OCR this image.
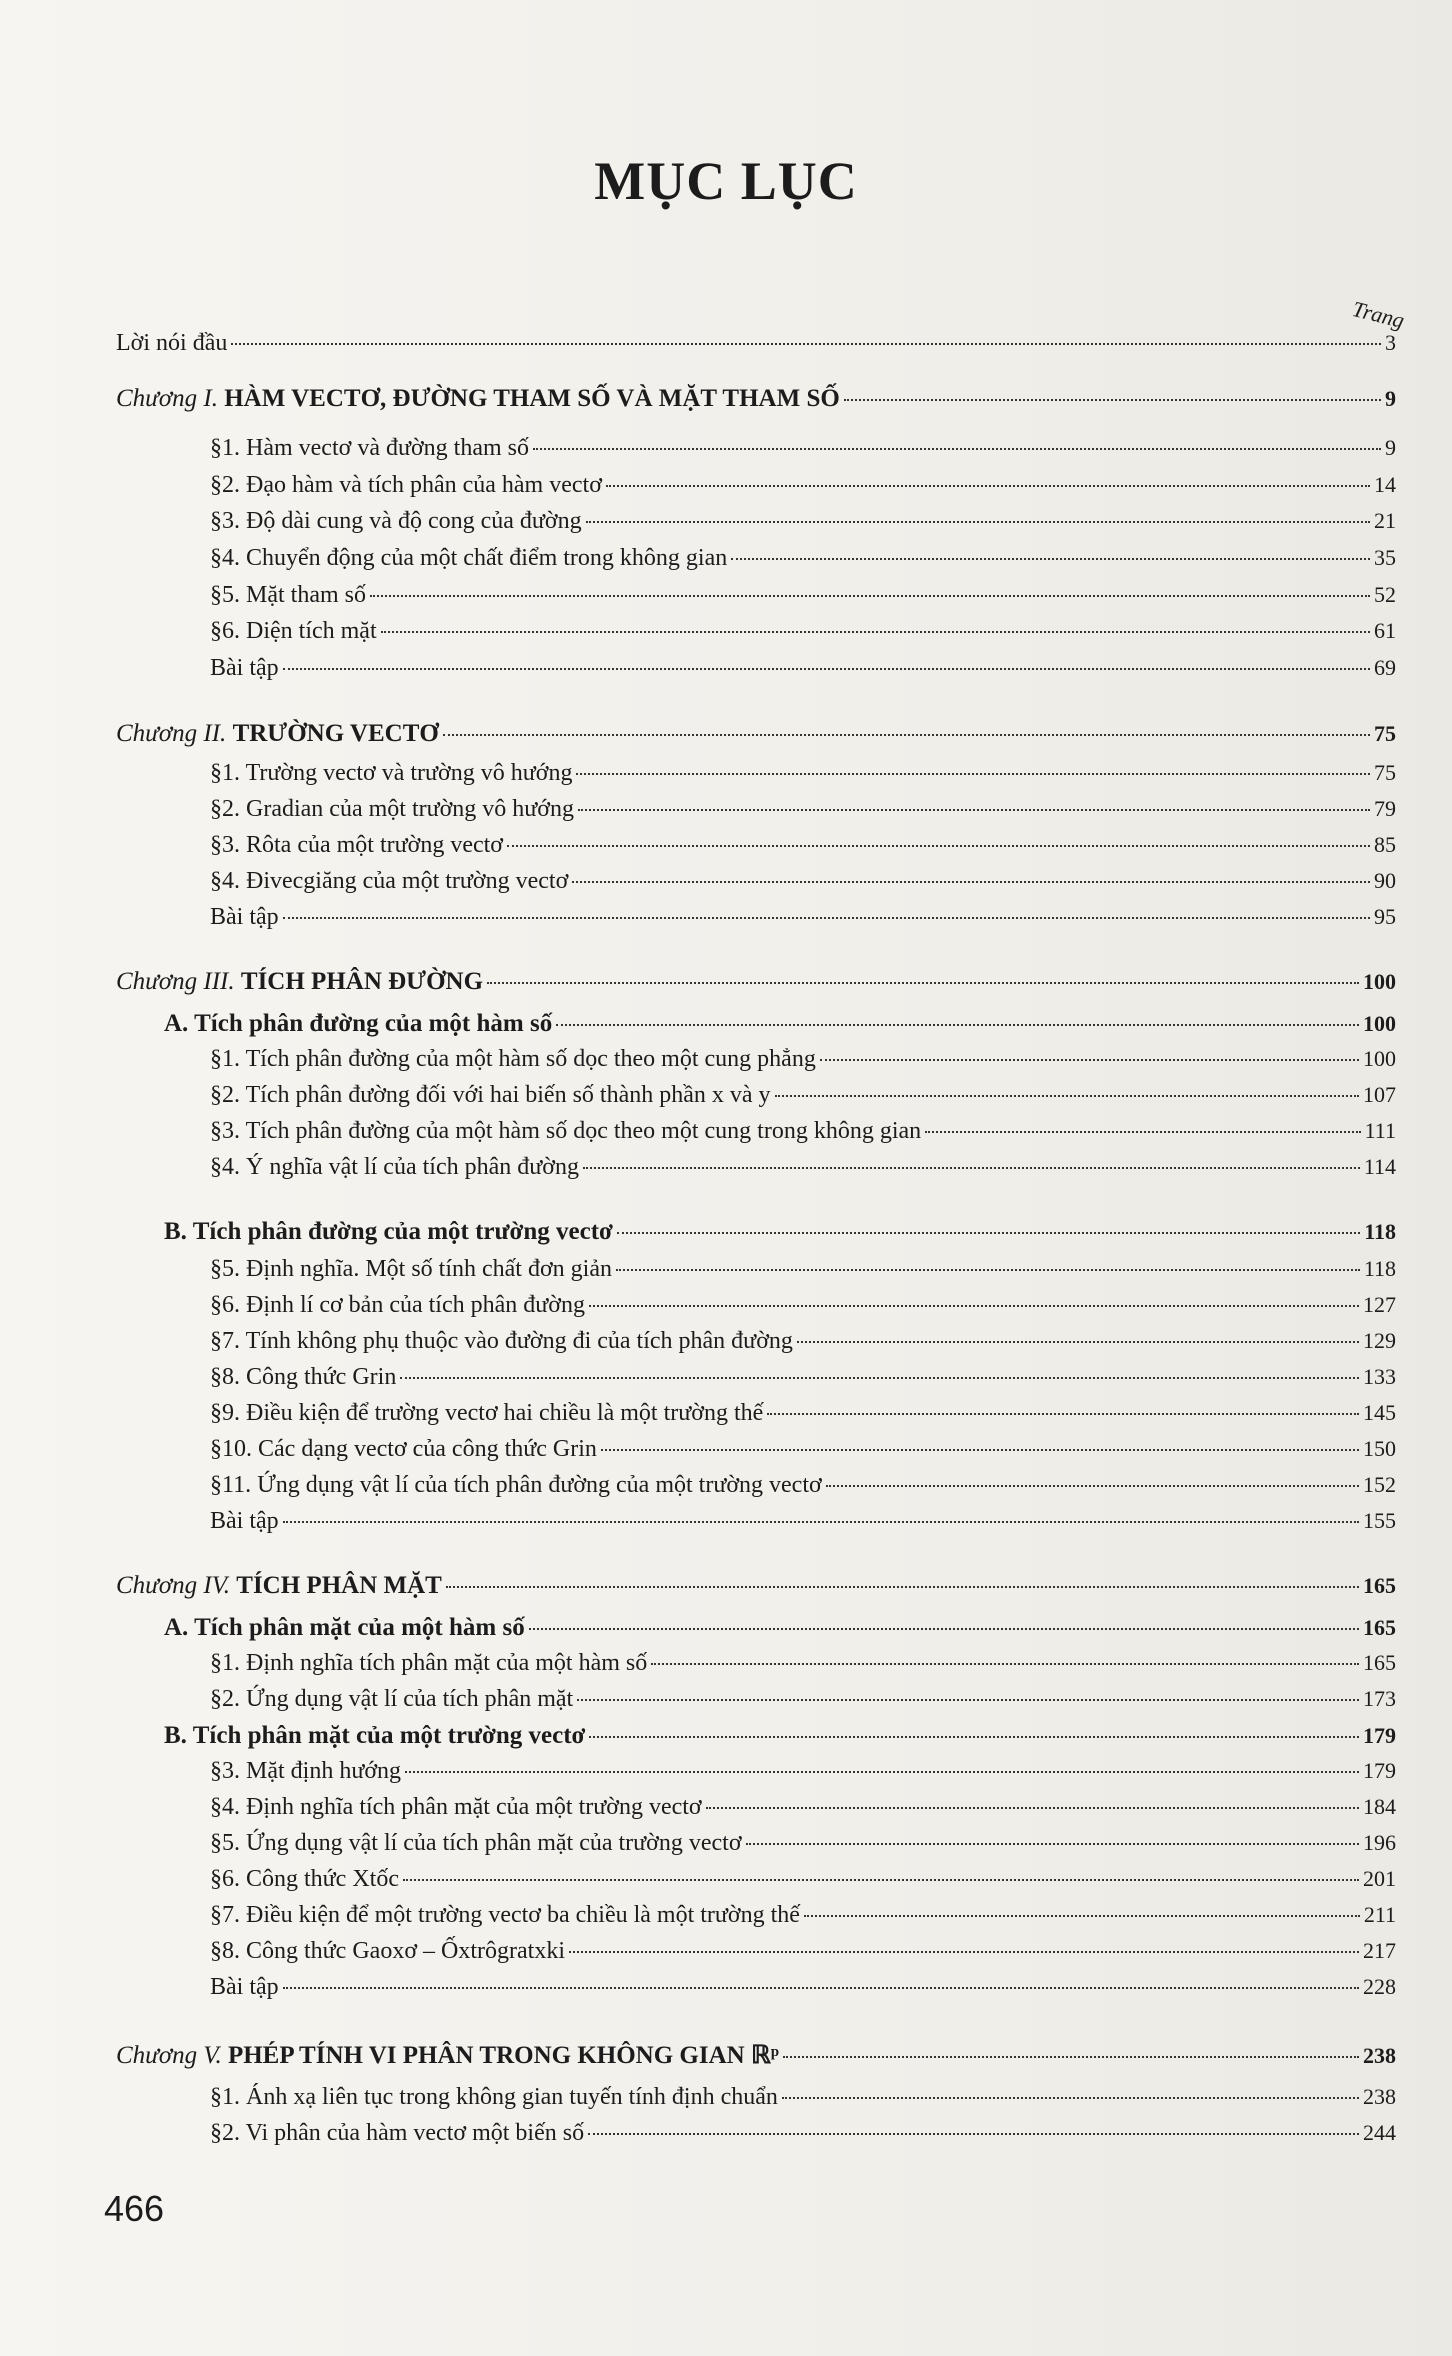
MỤC LỤC
Trang
Lời nói đầu	3
Chương I. HÀM VECTƠ, ĐƯỜNG THAM SỐ VÀ MẶT THAM SỐ	9
§1. Hàm vectơ và đường tham số	9
§2. Đạo hàm và tích phân của hàm vectơ	14
§3. Độ dài cung và độ cong của đường	21
§4. Chuyển động của một chất điểm trong không gian	35
§5. Mặt tham số	52
§6. Diện tích mặt	61
Bài tập	69
Chương II. TRƯỜNG VECTƠ	75
§1. Trường vectơ và trường vô hướng	75
§2. Gradian của một trường vô hướng	79
§3. Rôta của một trường vectơ	85
§4. Đivecgiăng của một trường vectơ	90
Bài tập	95
Chương III. TÍCH PHÂN ĐƯỜNG	100
A. Tích phân đường của một hàm số	100
§1. Tích phân đường của một hàm số dọc theo một cung phẳng	100
§2. Tích phân đường đối với hai biến số thành phần x và y	107
§3. Tích phân đường của một hàm số dọc theo một cung trong không gian	111
§4. Ý nghĩa vật lí của tích phân đường	114
B. Tích phân đường của một trường vectơ	118
§5. Định nghĩa. Một số tính chất đơn giản	118
§6. Định lí cơ bản của tích phân đường	127
§7. Tính không phụ thuộc vào đường đi của tích phân đường	129
§8. Công thức Grin	133
§9. Điều kiện để trường vectơ hai chiều là một trường thế	145
§10. Các dạng vectơ của công thức Grin	150
§11. Ứng dụng vật lí của tích phân đường của một trường vectơ	152
Bài tập	155
Chương IV. TÍCH PHÂN MẶT	165
A. Tích phân mặt của một hàm số	165
§1. Định nghĩa tích phân mặt của một hàm số	165
§2. Ứng dụng vật lí của tích phân mặt	173
B. Tích phân mặt của một trường vectơ	179
§3. Mặt định hướng	179
§4. Định nghĩa tích phân mặt của một trường vectơ	184
§5. Ứng dụng vật lí của tích phân mặt của trường vectơ	196
§6. Công thức Xtốc	201
§7. Điều kiện để một trường vectơ ba chiều là một trường thế	211
§8. Công thức Gaoxơ – Ốxtrôgratxki	217
Bài tập	228
Chương V. PHÉP TÍNH VI PHÂN TRONG KHÔNG GIAN ℝᵖ	238
§1. Ánh xạ liên tục trong không gian tuyến tính định chuẩn	238
§2. Vi phân của hàm vectơ một biến số	244
466
